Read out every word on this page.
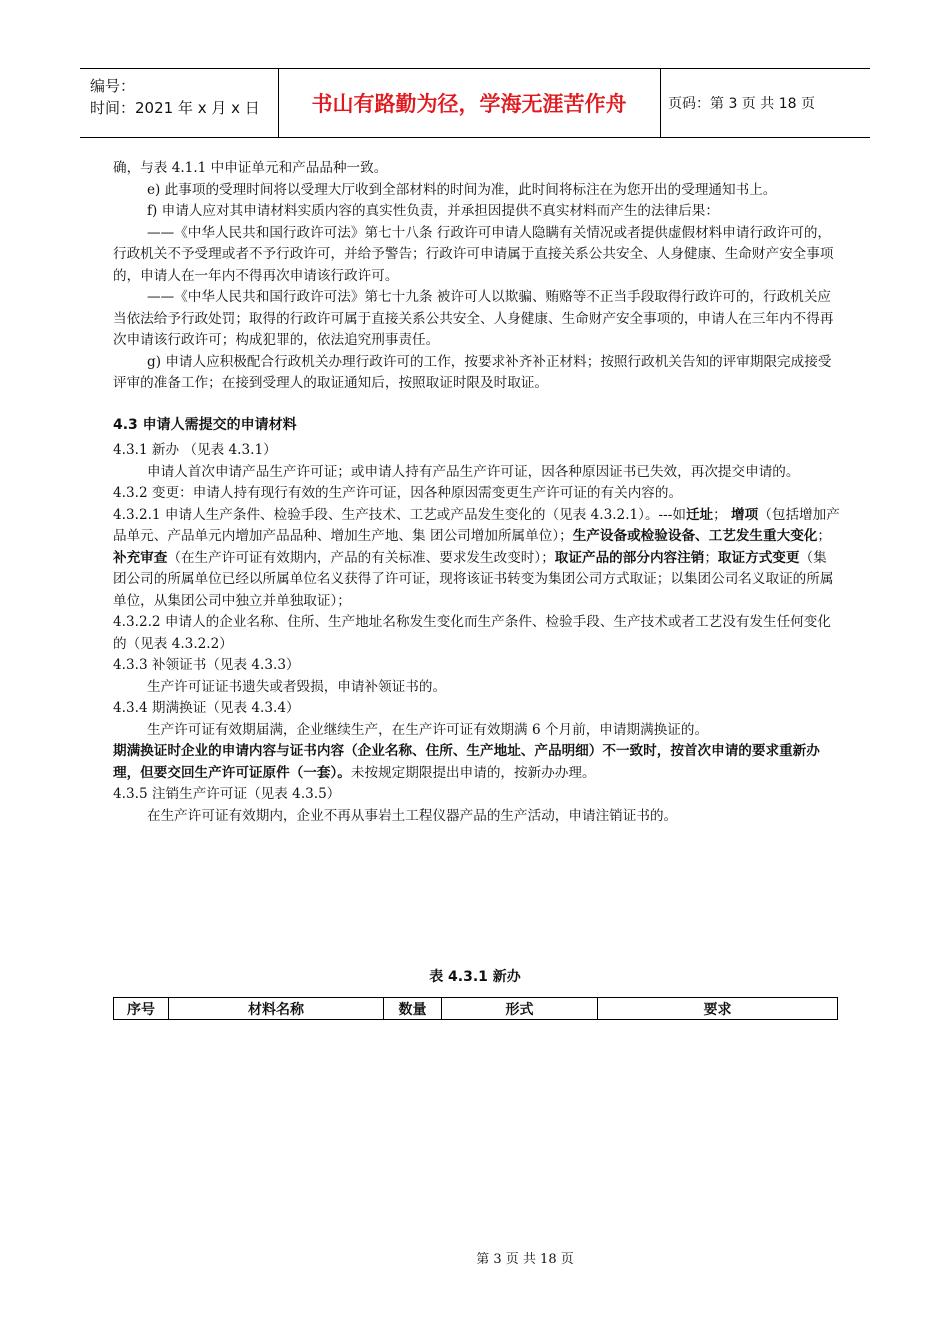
编号：
时间：2021 年 x 月 x 日	书山有路勤为径，学海无涯苦作舟	页码：第 3 页 共 18 页

确，与表 4.1.1 中申证单元和产品品种一致。

e) 此事项的受理时间将以受理大厅收到全部材料的时间为准，此时间将标注在为您开出的受理通知书上。

f) 申请人应对其申请材料实质内容的真实性负责，并承担因提供不真实材料而产生的法律后果：

——《中华人民共和国行政许可法》第七十八条 行政许可申请人隐瞒有关情况或者提供虚假材料申请行政许可的，行政机关不予受理或者不予行政许可，并给予警告；行政许可申请属于直接关系公共安全、人身健康、生命财产安全事项的，申请人在一年内不得再次申请该行政许可。

——《中华人民共和国行政许可法》第七十九条 被许可人以欺骗、贿赂等不正当手段取得行政许可的，行政机关应当依法给予行政处罚；取得的行政许可属于直接关系公共安全、人身健康、生命财产安全事项的，申请人在三年内不得再次申请该行政许可；构成犯罪的，依法追究刑事责任。

g) 申请人应积极配合行政机关办理行政许可的工作，按要求补齐补正材料；按照行政机关告知的评审期限完成接受评审的准备工作；在接到受理人的取证通知后，按照取证时限及时取证。

4.3 申请人需提交的申请材料

4.3.1 新办 （见表 4.3.1）

申请人首次申请产品生产许可证；或申请人持有产品生产许可证，因各种原因证书已失效，再次提交申请的。

4.3.2 变更：申请人持有现行有效的生产许可证，因各种原因需变更生产许可证的有关内容的。

4.3.2.1 申请人生产条件、检验手段、生产技术、工艺或产品发生变化的（见表 4.3.2.1）。---如迁址； 增项（包括增加产品单元、产品单元内增加产品品种、增加生产地、集 团公司增加所属单位）；生产设备或检验设备、工艺发生重大变化；补充审查（在生产许可证有效期内，产品的有关标准、要求发生改变时）；取证产品的部分内容注销；取证方式变更（集团公司的所属单位已经以所属单位名义获得了许可证，现将该证书转变为集团公司方式取证；以集团公司名义取证的所属单位，从集团公司中独立并单独取证）；

4.3.2.2 申请人的企业名称、住所、生产地址名称发生变化而生产条件、检验手段、生产技术或者工艺没有发生任何变化的（见表 4.3.2.2）

4.3.3 补领证书（见表 4.3.3）

生产许可证证书遗失或者毁损，申请补领证书的。

4.3.4 期满换证（见表 4.3.4）

生产许可证有效期届满，企业继续生产，在生产许可证有效期满 6 个月前，申请期满换证的。

期满换证时企业的申请内容与证书内容（企业名称、住所、生产地址、产品明细）不一致时，按首次申请的要求重新办理，但要交回生产许可证原件（一套）。未按规定期限提出申请的，按新办办理。

4.3.5 注销生产许可证（见表 4.3.5）

在生产许可证有效期内，企业不再从事岩土工程仪器产品的生产活动，申请注销证书的。

表 4.3.1 新办
序号	材料名称	数量	形式	要求
第 3 页 共 18 页
